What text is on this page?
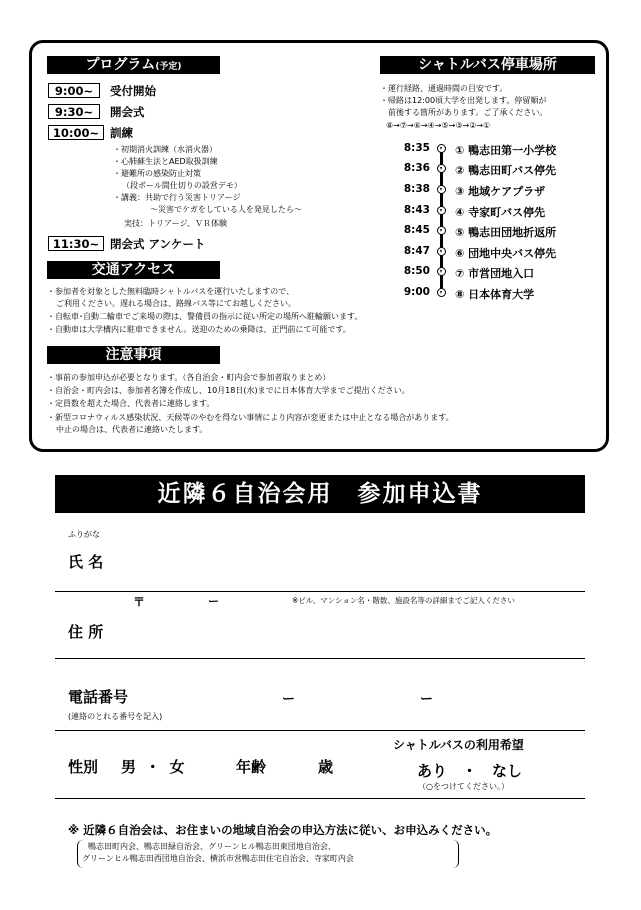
プログラム(予定)
9:00~	受付開始
9:30~	開会式
10:00~ 訓練
・初期消火訓練（水消火器）
・心肺蘇生法とAED取扱訓練
・避難所の感染防止対策
（段ボール間仕切りの設営デモ）
・講義：共助で行う災害トリアージ
～災害でケガをしている人を発見したら～
実技：トリアージ、ＶＲ体験
11:30~ 閉会式 アンケート
シャトルバス停車場所
・運行経路、通過時間の目安です。
・帰路は12:00頃大学を出発します。停留順が
前後する箇所があります。ご了承ください。
⑧→⑦→⑥→④→⑤→③→②→①
8:35 ① 鴨志田第一小学校
8:36 ② 鴨志田町バス停先
8:38 ③ 地域ケアプラザ
8:43 ④ 寺家町バス停先
8:45 ⑤ 鴨志田団地折返所
8:47 ⑥ 団地中央バス停先
8:50 ⑦ 市営団地入口
9:00 ⑧ 日本体育大学
交通アクセス
・参加者を対象とした無料臨時シャトルバスを運行いたしますので、
ご利用ください。遅れる場合は、路線バス等にてお越しください。
・自転車･自動二輪車でご来場の際は、警備員の指示に従い所定の場所へ駐輪願います。
・自動車は大学構内に駐車できません。送迎のための乗降は、正門前にて可能です。
注意事項
・事前の参加申込が必要となります。（各自治会・町内会で参加者取りまとめ）
・自治会・町内会は、参加者名簿を作成し、10月18日(水)までに日本体育大学までご提出ください。
・定員数を超えた場合、代表者に連絡します。
・新型コロナウィルス感染状況、天候等のやむを得ない事情により内容が変更または中止となる場合があります。
中止の場合は、代表者に連絡いたします。
近隣６自治会用　参加申込書
ふりがな
氏 名
〒	ー	※ビル、マンション名・階数、施設名等の詳細までご記入ください
住 所
電話番号
(連絡のとれる番号を記入)
ー	ー
性別 男 ・ 女	年齢	歳
シャトルバスの利用希望
あり　・　なし
（○をつけてください。）
※ 近隣６自治会は、お住まいの地域自治会の申込方法に従い、お申込みください。
鴨志田町内会、鴨志田緑自治会、グリーンヒル鴨志田東団地自治会、
グリーンヒル鴨志田西団地自治会、横浜市営鴨志田住宅自治会、寺家町内会
